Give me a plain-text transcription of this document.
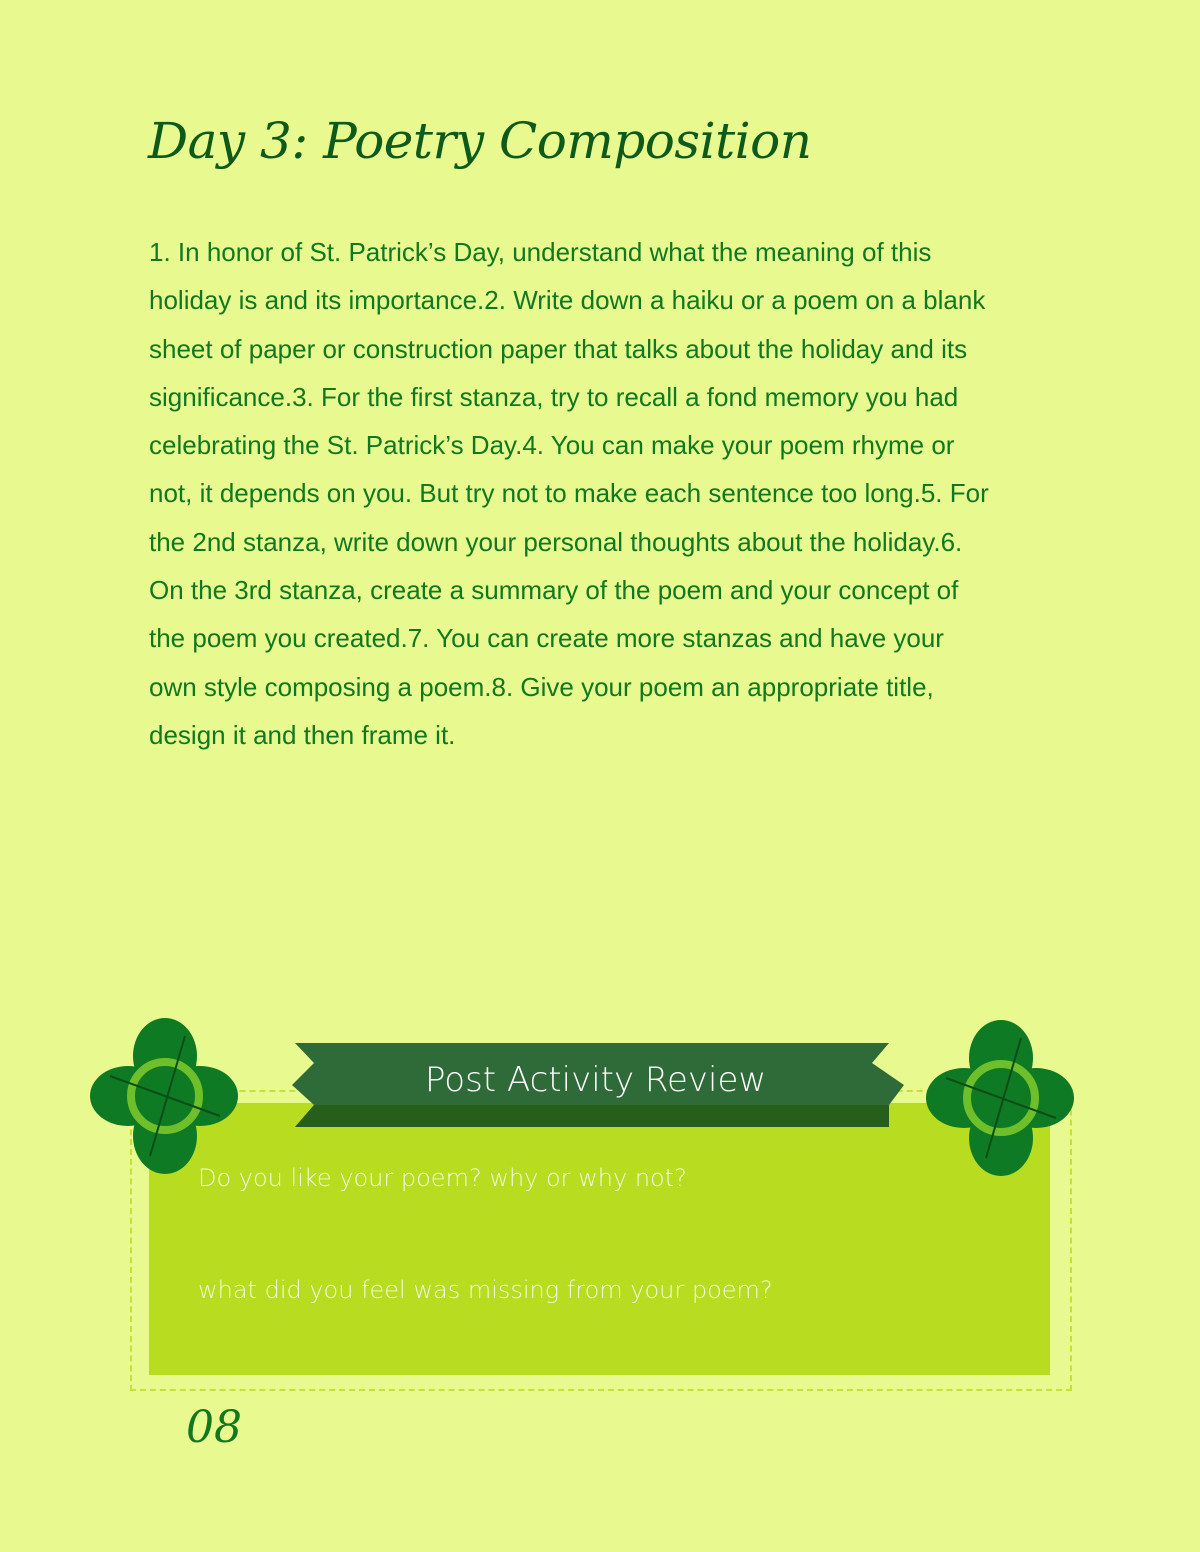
Day 3: Poetry Composition
1. In honor of St. Patrick’s Day, understand what the meaning of this
holiday is and its importance.2. Write down a haiku or a poem on a blank
sheet of paper or construction paper that talks about the holiday and its
significance.3. For the first stanza, try to recall a fond memory you had
celebrating the St. Patrick’s Day.4. You can make your poem rhyme or
not, it depends on you. But try not to make each sentence too long.5. For
the 2nd stanza, write down your personal thoughts about the holiday.6.
On the 3rd stanza, create a summary of the poem and your concept of
the poem you created.7. You can create more stanzas and have your
own style composing a poem.8. Give your poem an appropriate title,
design it and then frame it.
Post Activity Review
Do you like your poem? why or why not?
what did you feel was missing from your poem?
08
